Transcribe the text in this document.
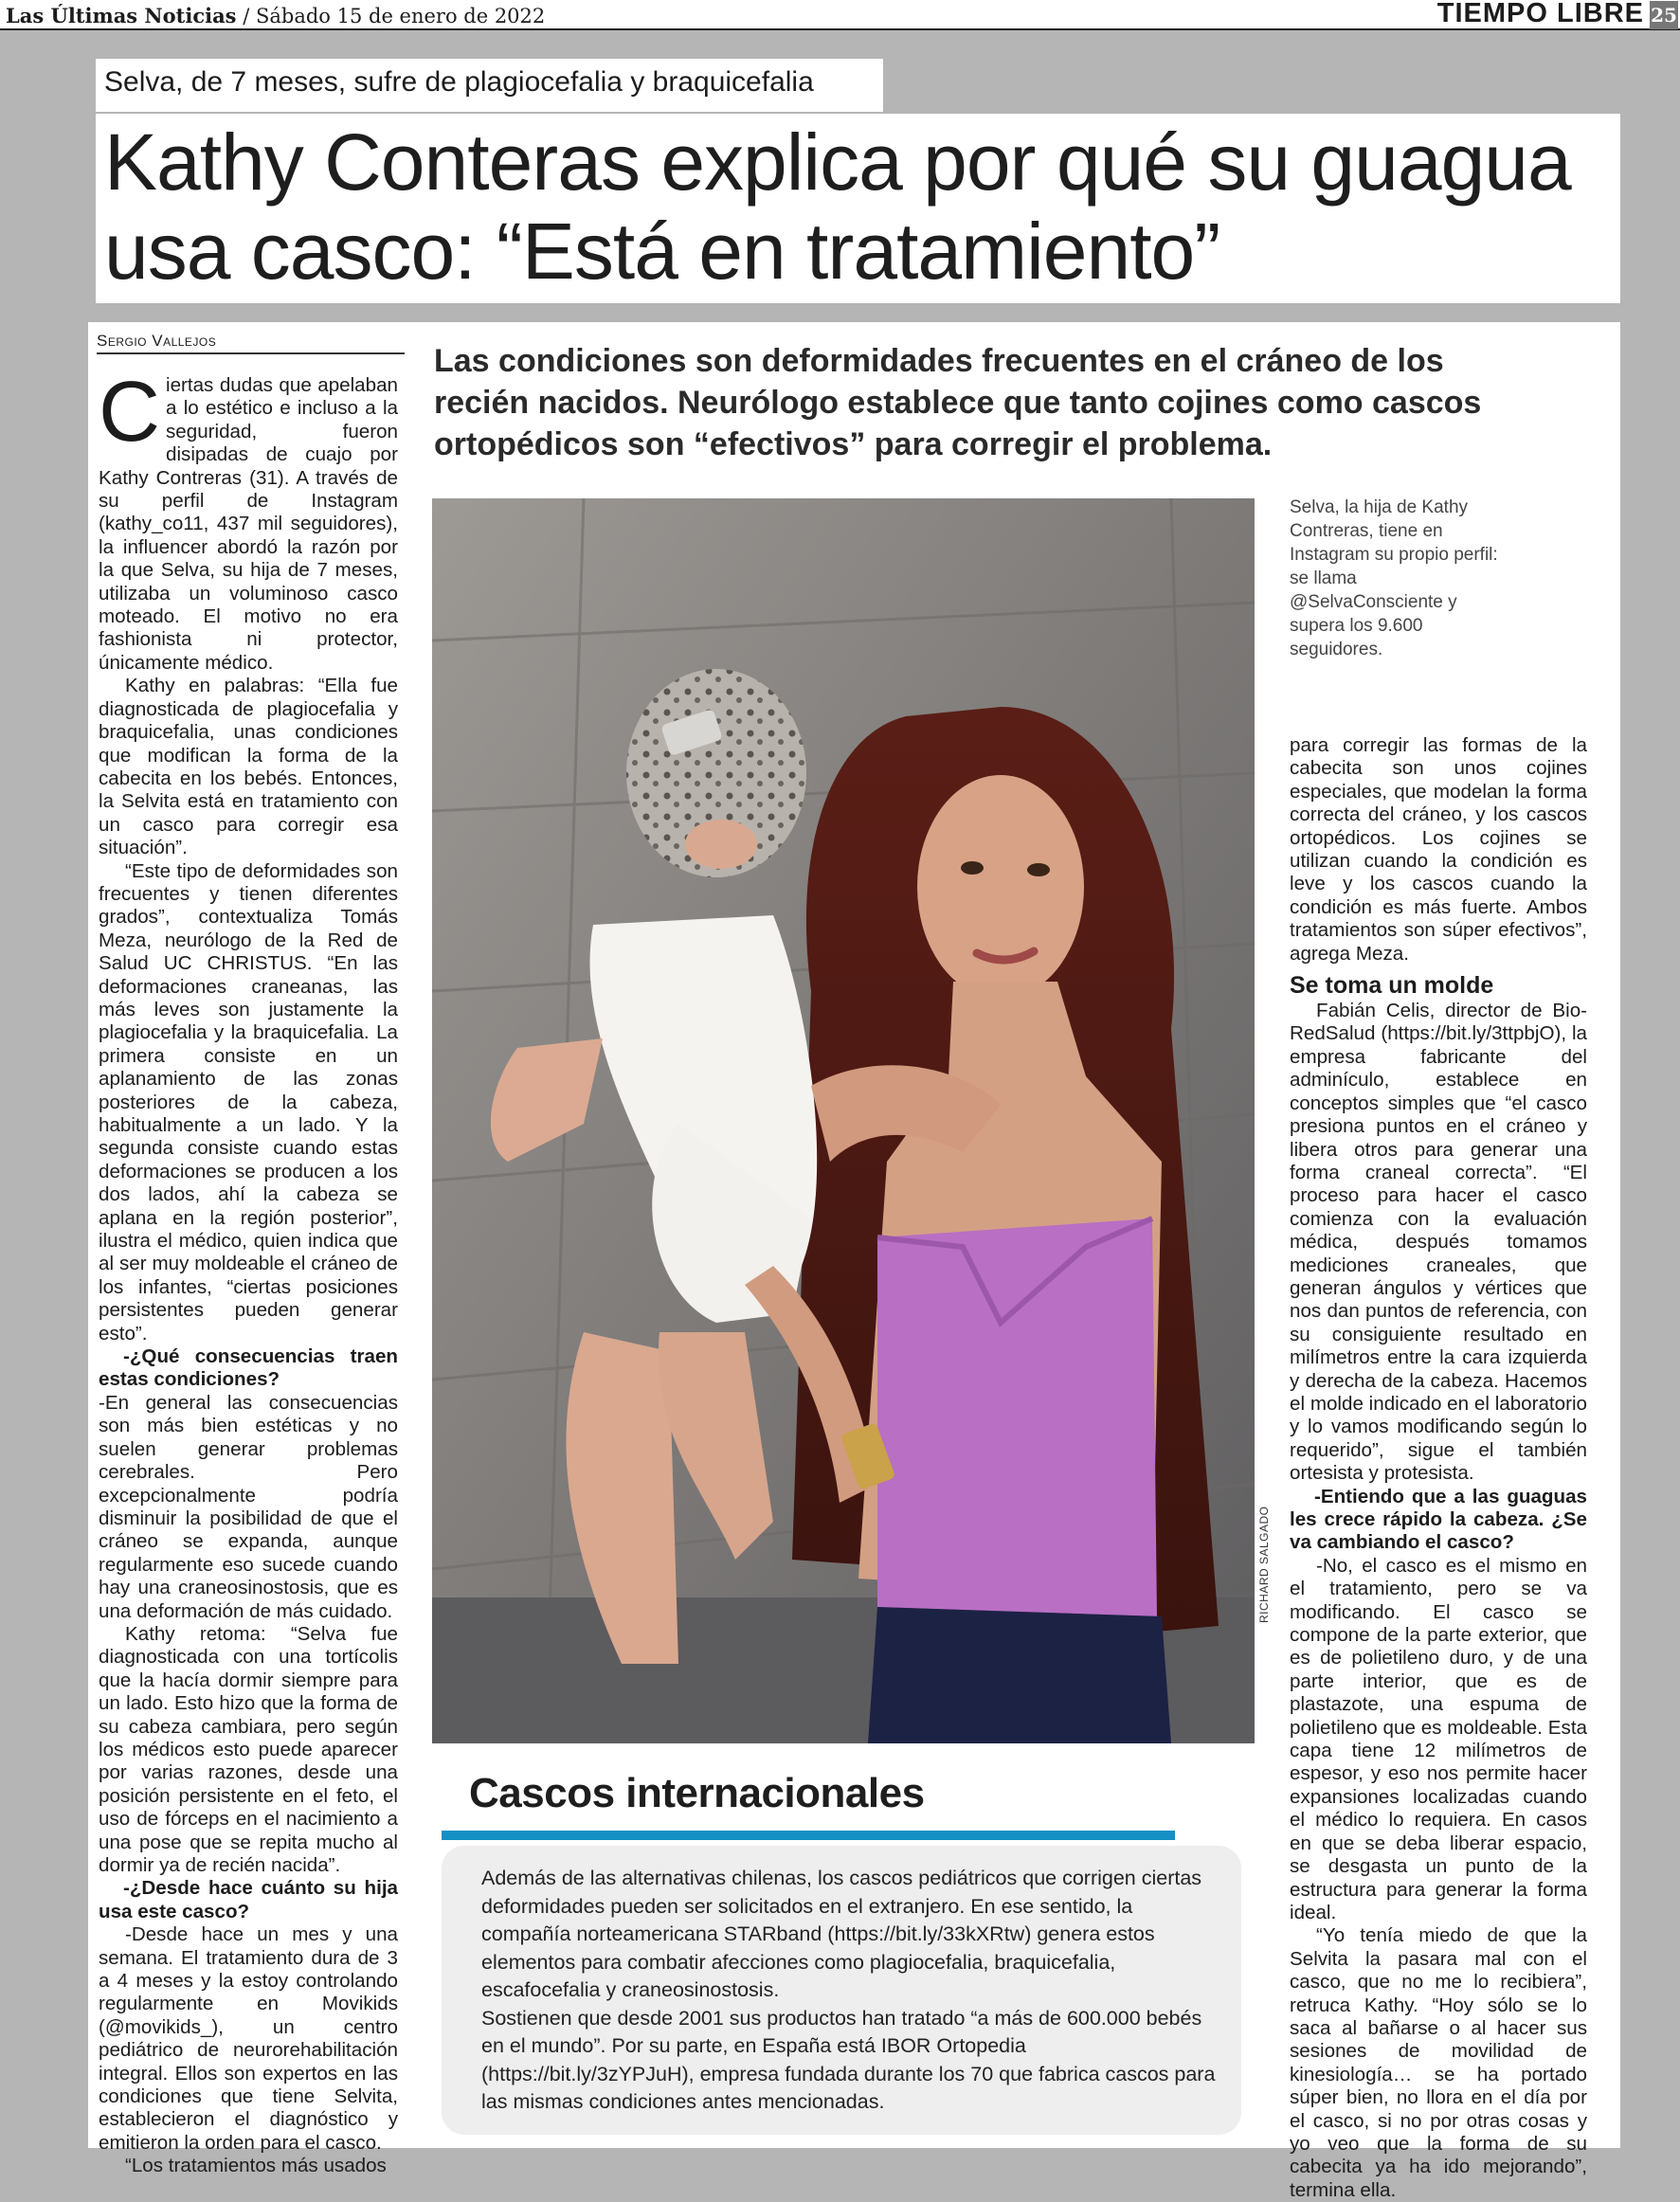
Las Últimas Noticias / Sábado 15 de enero de 2022	TIEMPO LIBRE 25
Selva, de 7 meses, sufre de plagiocefalia y braquicefalia
Kathy Conteras explica por qué su guagua usa casco: “Está en tratamiento”
Sergio Vallejos
Las condiciones son deformidades frecuentes en el cráneo de los recién nacidos. Neurólogo establece que tanto cojines como cascos ortopédicos son “efectivos” para corregir el problema.

Ciertas dudas que apelaban a lo estético e incluso a la seguridad, fueron disipadas de cuajo por Kathy Contreras (31). A través de su perfil de Instagram (kathy_co11, 437 mil seguidores), la influencer abordó la razón por la que Selva, su hija de 7 meses, utilizaba un voluminoso casco moteado. El motivo no era fashionista ni protector, únicamente médico.

Kathy en palabras: “Ella fue diagnosticada de plagiocefalia y braquicefalia, unas condiciones que modifican la forma de la cabecita en los bebés. Entonces, la Selvita está en tratamiento con un casco para corregir esa situación”.

“Este tipo de deformidades son frecuentes y tienen diferentes grados”, contextualiza Tomás Meza, neurólogo de la Red de Salud UC CHRISTUS. “En las deformaciones craneanas, las más leves son justamente la plagiocefalia y la braquicefalia. La primera consiste en un aplanamiento de las zonas posteriores de la cabeza, habitualmente a un lado. Y la segunda consiste cuando estas deformaciones se producen a los dos lados, ahí la cabeza se aplana en la región posterior”, ilustra el médico, quien indica que al ser muy moldeable el cráneo de los infantes, “ciertas posiciones persistentes pueden generar esto”.

-¿Qué consecuencias traen estas condiciones?

-En general las consecuencias son más bien estéticas y no suelen generar problemas cerebrales. Pero excepcionalmente podría disminuir la posibilidad de que el cráneo se expanda, aunque regularmente eso sucede cuando hay una craneosinostosis, que es una deformación de más cuidado.

Kathy retoma: “Selva fue diagnosticada con una tortícolis que la hacía dormir siempre para un lado. Esto hizo que la forma de su cabeza cambiara, pero según los médicos esto puede aparecer por varias razones, desde una posición persistente en el feto, el uso de fórceps en el nacimiento a una pose que se repita mucho al dormir ya de recién nacida”.

-¿Desde hace cuánto su hija usa este casco?

-Desde hace un mes y una semana. El tratamiento dura de 3 a 4 meses y la estoy controlando regularmente en Movikids (@movikids_), un centro pediátrico de neurorehabilitación integral. Ellos son expertos en las condiciones que tiene Selvita, establecieron el diagnóstico y emitieron la orden para el casco.

“Los tratamientos más usados

RICHARD SALGADO
Selva, la hija de Kathy Contreras, tiene en Instagram su propio perfil: se llama @SelvaConsciente y supera los 9.600 seguidores.

para corregir las formas de la cabecita son unos cojines especiales, que modelan la forma correcta del cráneo, y los cascos ortopédicos. Los cojines se utilizan cuando la condición es leve y los cascos cuando la condición es más fuerte. Ambos tratamientos son súper efectivos”, agrega Meza.

Se toma un molde

Fabián Celis, director de Bio-RedSalud (https://bit.ly/3ttpbjO), la empresa fabricante del adminículo, establece en conceptos simples que “el casco presiona puntos en el cráneo y libera otros para generar una forma craneal correcta”. “El proceso para hacer el casco comienza con la evaluación médica, después tomamos mediciones craneales, que generan ángulos y vértices que nos dan puntos de referencia, con su consiguiente resultado en milímetros entre la cara izquierda y derecha de la cabeza. Hacemos el molde indicado en el laboratorio y lo vamos modificando según lo requerido”, sigue el también ortesista y protesista.

-Entiendo que a las guaguas les crece rápido la cabeza. ¿Se va cambiando el casco?

-No, el casco es el mismo en el tratamiento, pero se va modificando. El casco se compone de la parte exterior, que es de polietileno duro, y de una parte interior, que es de plastazote, una espuma de polietileno que es moldeable. Esta capa tiene 12 milímetros de espesor, y eso nos permite hacer expansiones localizadas cuando el médico lo requiera. En casos en que se deba liberar espacio, se desgasta un punto de la estructura para generar la forma ideal.

“Yo tenía miedo de que la Selvita la pasara mal con el casco, que no me lo recibiera”, retruca Kathy. “Hoy sólo se lo saca al bañarse o al hacer sus sesiones de movilidad de kinesiología… se ha portado súper bien, no llora en el día por el casco, si no por otras cosas y yo veo que la forma de su cabecita ya ha ido mejorando”, termina ella.

Cascos internacionales

Además de las alternativas chilenas, los cascos pediátricos que corrigen ciertas deformidades pueden ser solicitados en el extranjero. En ese sentido, la compañía norteamericana STARband (https://bit.ly/33kXRtw) genera estos elementos para combatir afecciones como plagiocefalia, braquicefalia, escafocefalia y craneosinostosis.

Sostienen que desde 2001 sus productos han tratado “a más de 600.000 bebés en el mundo”. Por su parte, en España está IBOR Ortopedia (https://bit.ly/3zYPJuH), empresa fundada durante los 70 que fabrica cascos para las mismas condiciones antes mencionadas.
